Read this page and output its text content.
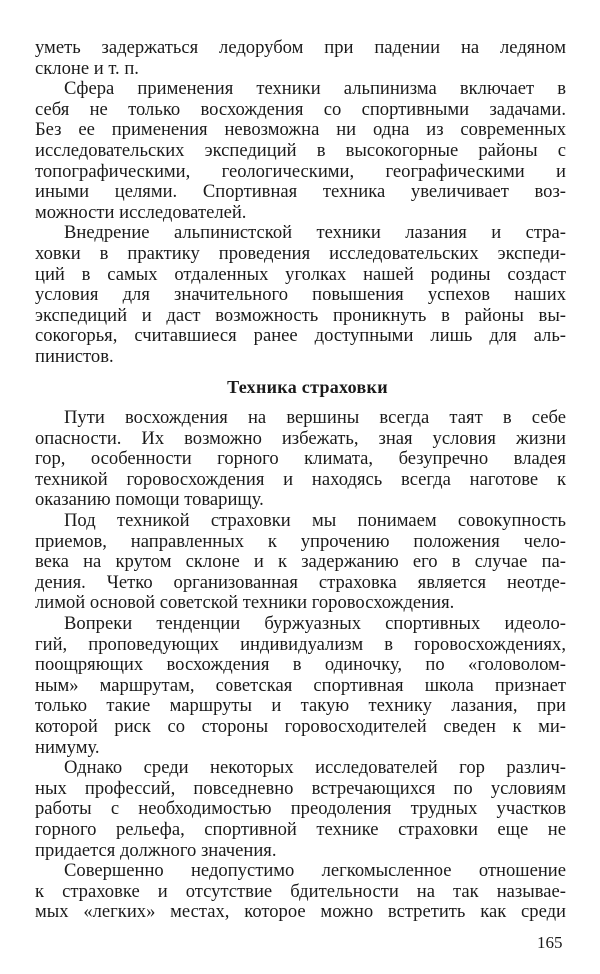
уметь задержаться ледорубом при падении на ледяном
склоне и т. п.
Сфера применения техники альпинизма включает в
себя не только восхождения со спортивными задачами.
Без ее применения невозможна ни одна из современных
исследовательских экспедиций в высокогорные районы с
топографическими, геологическими, географическими и
иными целями. Спортивная техника увеличивает воз-
можности исследователей.
Внедрение альпинистской техники лазания и стра-
ховки в практику проведения исследовательских экспеди-
ций в самых отдаленных уголках нашей родины создаст
условия для значительного повышения успехов наших
экспедиций и даст возможность проникнуть в районы вы-
сокогорья, считавшиеся ранее доступными лишь для аль-
пинистов.
Техника страховки
Пути восхождения на вершины всегда таят в себе
опасности. Их возможно избежать, зная условия жизни
гор, особенности горного климата, безупречно владея
техникой горовосхождения и находясь всегда наготове к
оказанию помощи товарищу.
Под техникой страховки мы понимаем совокупность
приемов, направленных к упрочению положения чело-
века на крутом склоне и к задержанию его в случае па-
дения. Четко организованная страховка является неотде-
лимой основой советской техники горовосхождения.
Вопреки тенденции буржуазных спортивных идеоло-
гий, проповедующих индивидуализм в горовосхождениях,
поощряющих восхождения в одиночку, по «головолом-
ным» маршрутам, советская спортивная школа признает
только такие маршруты и такую технику лазания, при
которой риск со стороны горовосходителей сведен к ми-
нимуму.
Однако среди некоторых исследователей гор различ-
ных профессий, повседневно встречающихся по условиям
работы с необходимостью преодоления трудных участков
горного рельефа, спортивной технике страховки еще не
придается должного значения.
Совершенно недопустимо легкомысленное отношение
к страховке и отсутствие бдительности на так называе-
мых «легких» местах, которое можно встретить как среди
165
